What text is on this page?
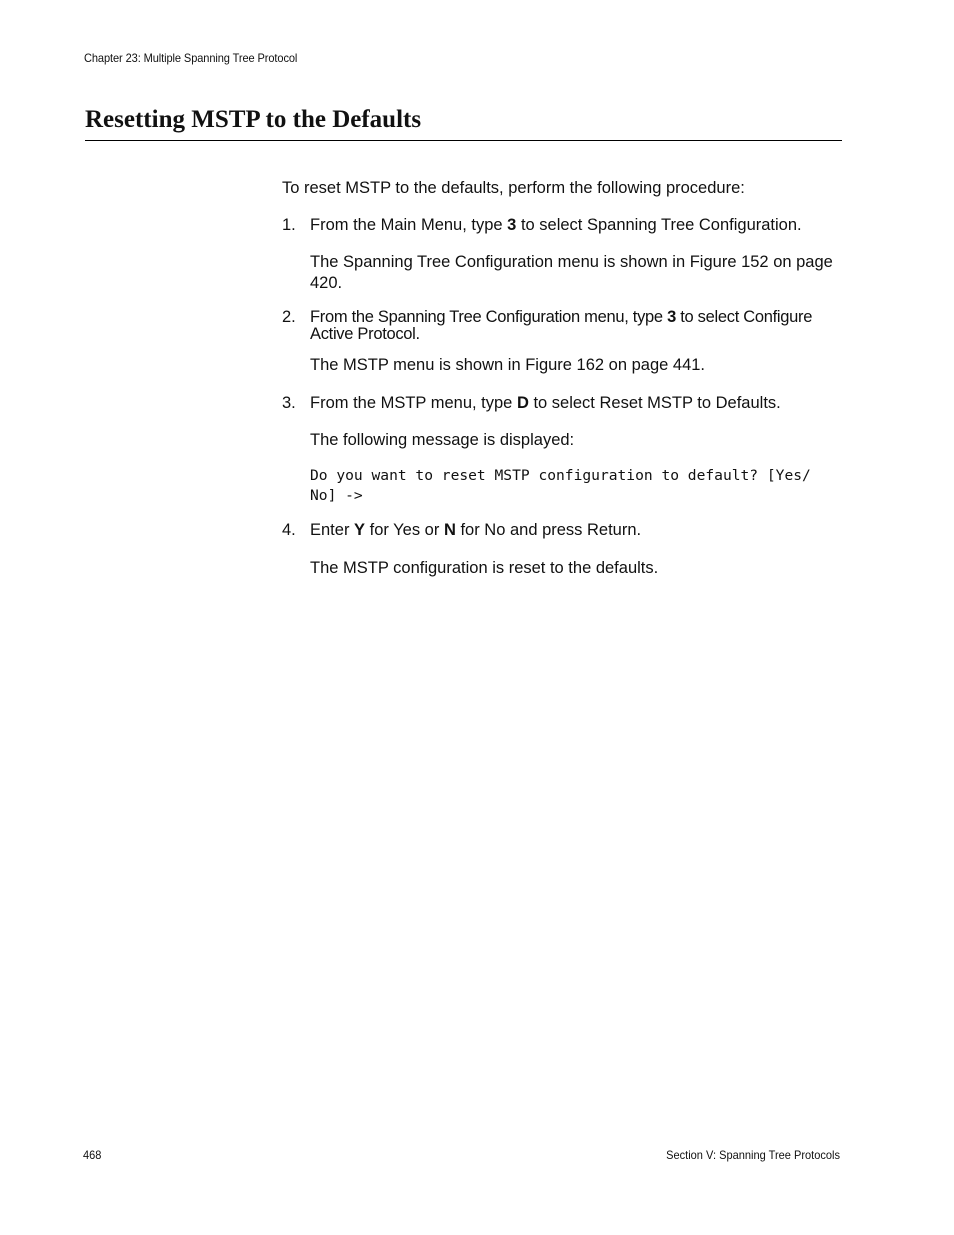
Chapter 23: Multiple Spanning Tree Protocol
Resetting MSTP to the Defaults
To reset MSTP to the defaults, perform the following procedure:
1. From the Main Menu, type 3 to select Spanning Tree Configuration.
The Spanning Tree Configuration menu is shown in Figure 152 on page 420.
2. From the Spanning Tree Configuration menu, type 3 to select Configure Active Protocol.
The MSTP menu is shown in Figure 162 on page 441.
3. From the MSTP menu, type D to select Reset MSTP to Defaults.
The following message is displayed:
Do you want to reset MSTP configuration to default? [Yes/
No] ->
4. Enter Y for Yes or N for No and press Return.
The MSTP configuration is reset to the defaults.
468	Section V: Spanning Tree Protocols
